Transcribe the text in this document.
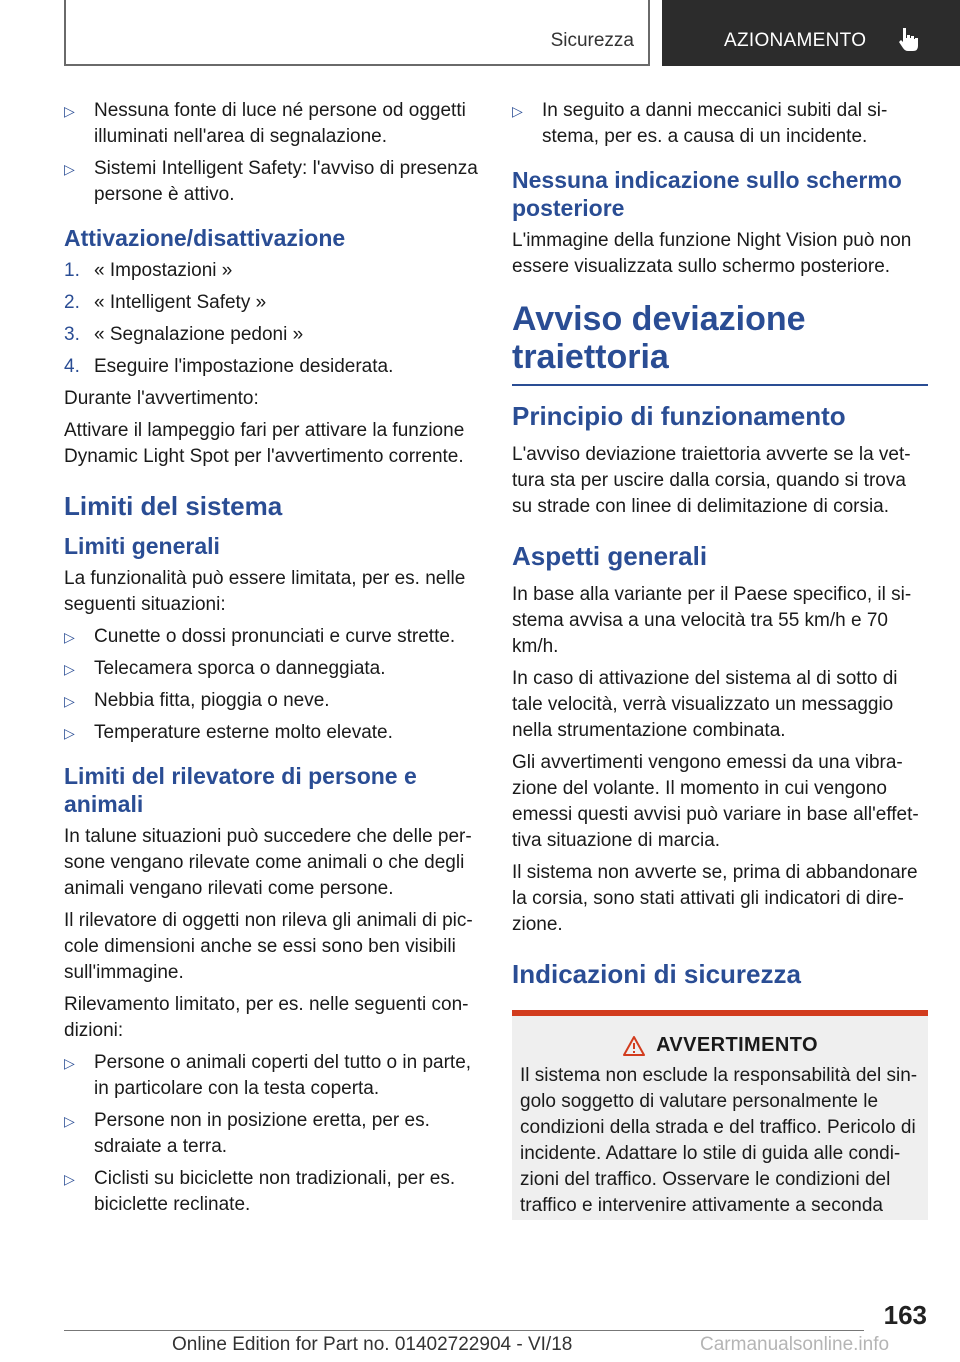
Sicurezza	AZIONAMENTO
▷ Nessuna fonte di luce né persone od oggetti illuminati nell'area di segnalazione.
▷ Sistemi Intelligent Safety: l'avviso di presenza persone è attivo.
Attivazione/disattivazione
1. « Impostazioni »
2. « Intelligent Safety »
3. « Segnalazione pedoni »
4. Eseguire l'impostazione desiderata.

Durante l'avvertimento:

Attivare il lampeggio fari per attivare la funzione Dynamic Light Spot per l'avvertimento corrente.

Limiti del sistema
Limiti generali

La funzionalità può essere limitata, per es. nelle seguenti situazioni:

▷ Cunette o dossi pronunciati e curve strette.
▷ Telecamera sporca o danneggiata.
▷ Nebbia fitta, pioggia o neve.
▷ Temperature esterne molto elevate.
Limiti del rilevatore di persone e animali

In talune situazioni può succedere che delle per-sone vengano rilevate come animali o che degli animali vengano rilevati come persone.

Il rilevatore di oggetti non rileva gli animali di pic-cole dimensioni anche se essi sono ben visibili sull'immagine.

Rilevamento limitato, per es. nelle seguenti con-dizioni:

▷ Persone o animali coperti del tutto o in parte, in particolare con la testa coperta.
▷ Persone non in posizione eretta, per es. sdraiate a terra.
▷ Ciclisti su biciclette non tradizionali, per es. biciclette reclinate.
▷ In seguito a danni meccanici subiti dal si-stema, per es. a causa di un incidente.
Nessuna indicazione sullo schermo posteriore

L'immagine della funzione Night Vision può non essere visualizzata sullo schermo posteriore.

Avviso deviazione traiettoria
Principio di funzionamento

L'avviso deviazione traiettoria avverte se la vet-tura sta per uscire dalla corsia, quando si trova su strade con linee di delimitazione di corsia.

Aspetti generali

In base alla variante per il Paese specifico, il si-stema avvisa a una velocità tra 55 km/h e 70 km/h.

In caso di attivazione del sistema al di sotto di tale velocità, verrà visualizzato un messaggio nella strumentazione combinata.

Gli avvertimenti vengono emessi da una vibra-zione del volante. Il momento in cui vengono emessi questi avvisi può variare in base all'effet-tiva situazione di marcia.

Il sistema non avverte se, prima di abbandonare la corsia, sono stati attivati gli indicatori di dire-zione.

Indicazioni di sicurezza
AVVERTIMENTO

Il sistema non esclude la responsabilità del sin-golo soggetto di valutare personalmente le condizioni della strada e del traffico. Pericolo di incidente. Adattare lo stile di guida alle condi-zioni del traffico. Osservare le condizioni del traffico e intervenire attivamente a seconda

163
Online Edition for Part no. 01402722904 - VI/18	Carmanualsonline.info
